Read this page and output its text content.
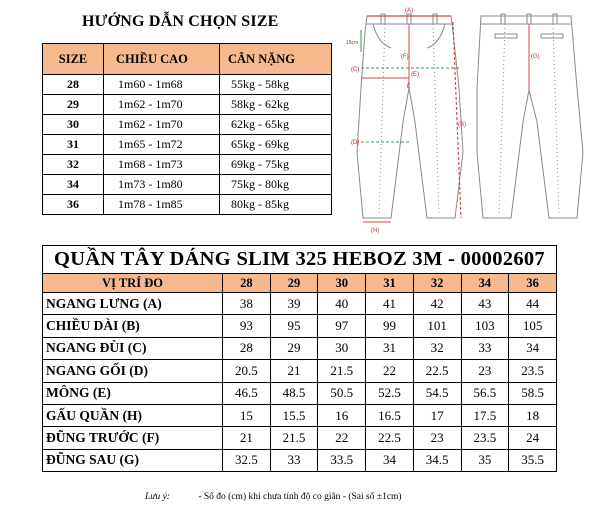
HƯỚNG DẪN CHỌN SIZE
SIZE	CHIỀU CAO	CÂN NẶNG
28	1m60 - 1m68	55kg - 58kg
29	1m62 - 1m70	58kg - 62kg
30	1m62 - 1m70	62kg - 65kg
31	1m65 - 1m72	65kg - 69kg
32	1m68 - 1m73	69kg - 75kg
34	1m73 - 1m80	75kg - 80kg
36	1m78 - 1m85	80kg - 85kg
(A)
(B)
(C)
(E)
(F)	(G)
(D)
(H)
15cm
QUẦN TÂY DÁNG SLIM 325 HEBOZ 3M - 00002607							
VỊ TRÍ ĐO	28	29	30	31	32	34	36
NGANG LƯNG (A)	38	39	40	41	42	43	44
CHIỀU DÀI (B)	93	95	97	99	101	103	105
NGANG ĐÙI (C)	28	29	30	31	32	33	34
NGANG GỐI (D)	20.5	21	21.5	22	22.5	23	23.5
MÔNG (E)	46.5	48.5	50.5	52.5	54.5	56.5	58.5
GẤU QUẦN (H)	15	15.5	16	16.5	17	17.5	18
ĐŨNG TRƯỚC (F)	21	21.5	22	22.5	23	23.5	24
ĐŨNG SAU (G)	32.5	33	33.5	34	34.5	35	35.5
Lưu ý:	- Số đo (cm) khi chưa tính độ co giãn - (Sai số ±1cm)
